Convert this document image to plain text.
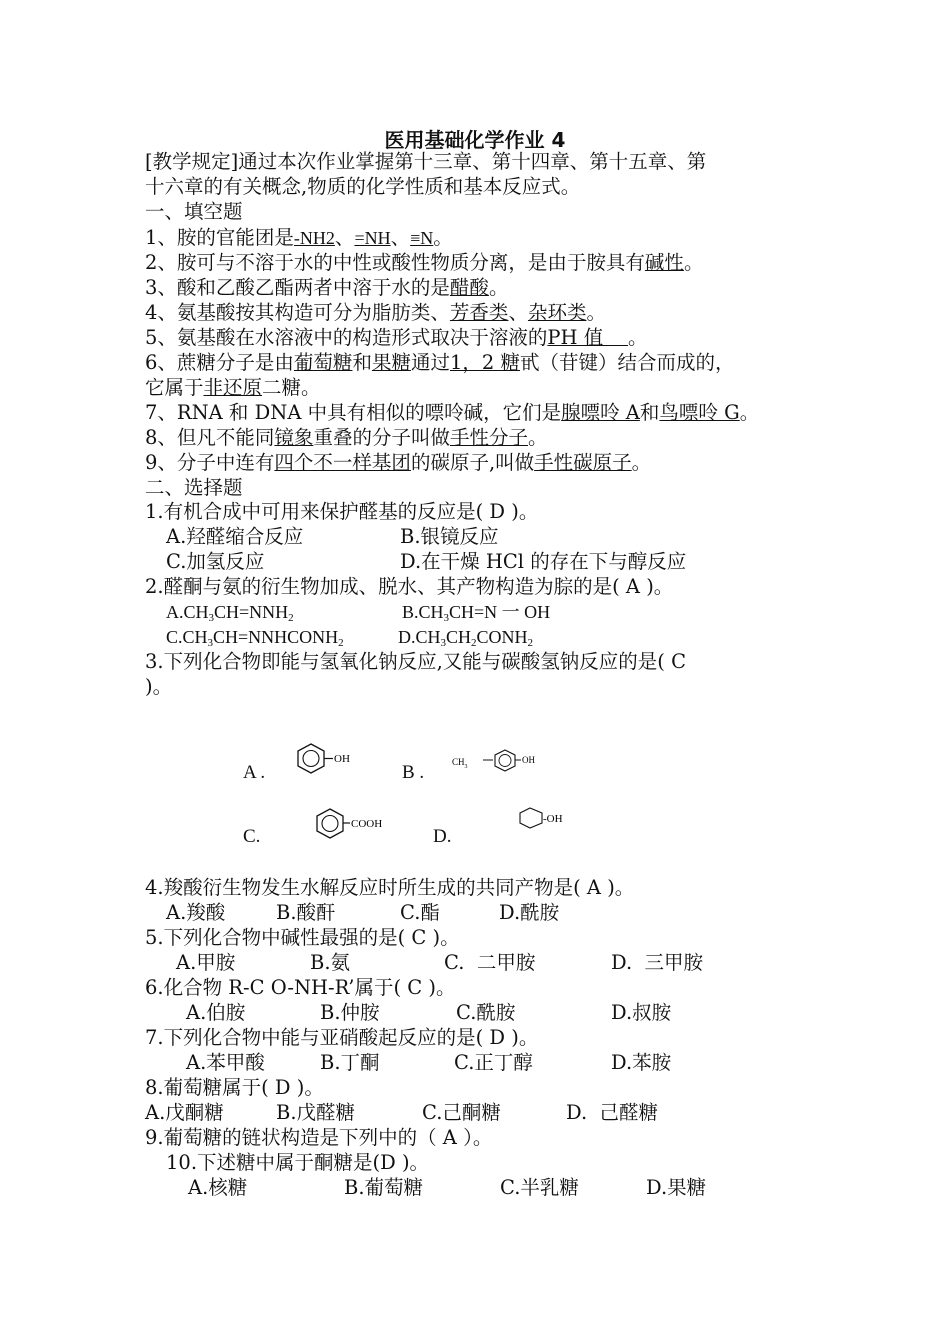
医用基础化学作业 4
[教学规定]通过本次作业掌握第十三章、第十四章、第十五章、第
十六章的有关概念,物质的化学性质和基本反应式。
一、填空题
1、胺的官能团是-NH2、=NH、≡N。
2、胺可与不溶于水的中性或酸性物质分离，是由于胺具有碱性。
3、酸和乙酸乙酯两者中溶于水的是醋酸。
4、氨基酸按其构造可分为脂肪类、芳香类、杂环类。
5、氨基酸在水溶液中的构造形式取决于溶液的PH 值    。
6、蔗糖分子是由葡萄糖和果糖通过1，2 糖甙（苷键）结合而成的，
它属于非还原二糖。
7、RNA 和 DNA 中具有相似的嘌呤碱，它们是腺嘌呤 A和鸟嘌呤 G。
8、但凡不能同镜象重叠的分子叫做手性分子。
9、分子中连有四个不一样基团的碳原子,叫做手性碳原子。
二、选择题
1.有机合成中可用来保护醛基的反应是( D )。
A.羟醛缩合反应	B.银镜反应
C.加氢反应	D.在干燥 HCl 的存在下与醇反应
2.醛酮与氨的衍生物加成、脱水、其产物构造为腙的是( A )。
$A.CH_3CH=NNH_2$	$B.CH_3CH=N$ 一 OH
$C.CH_3CH=NNHCONH_2$	$D.CH_3CH_2CONH_2$
3.下列化合物即能与氢氧化钠反应,又能与碳酸氢钠反应的是( C
)。
A .
OH
B .	$CH_3$
OH
C.
COOH
D.
-OH
4.羧酸衍生物发生水解反应时所生成的共同产物是( A )。
A.羧酸	B.酸酐	C.酯	D.酰胺
5.下列化合物中碱性最强的是( C )。
A.甲胺	B.氨	C.  二甲胺	D.  三甲胺
6.化合物 R-C O-NH-R’属于( C )。
A.伯胺	B.仲胺	C.酰胺	D.叔胺
7.下列化合物中能与亚硝酸起反应的是( D )。
A.苯甲酸	B.丁酮	C.正丁醇	D.苯胺
8.葡萄糖属于( D )。
A.戊酮糖	B.戊醛糖	C.己酮糖	D.  己醛糖
9.葡萄糖的链状构造是下列中的（ A ）。
10.下述糖中属于酮糖是(D )。
A.核糖	B.葡萄糖	C.半乳糖	D.果糖
